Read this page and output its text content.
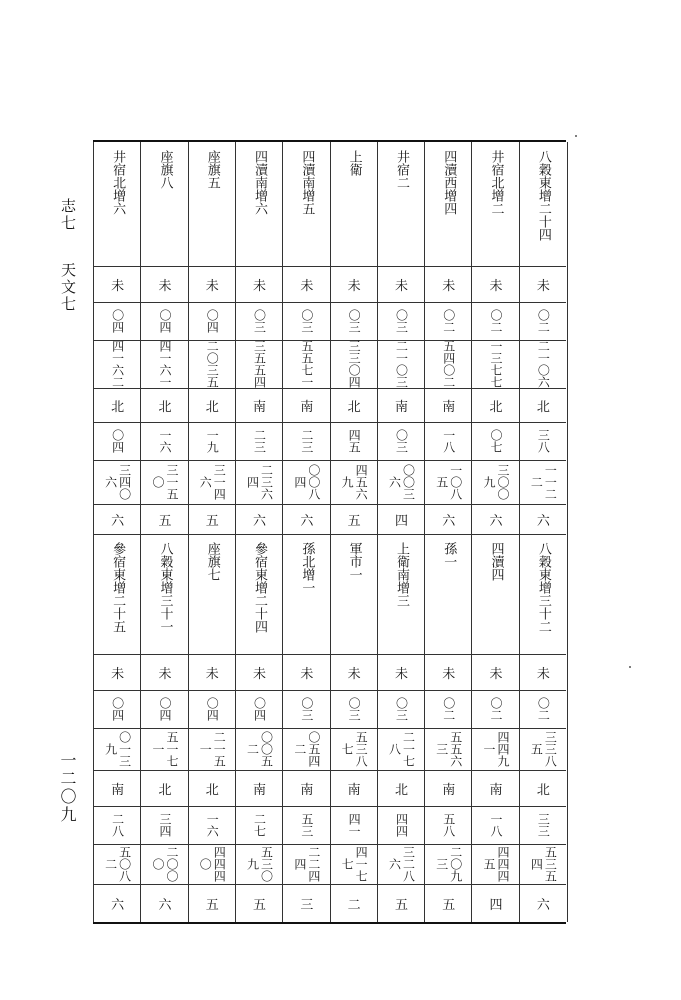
志七
天文七
一二〇九
八穀東增二十四
未
〇二
二一〇六
北
三八
一一二二
六
八穀東增三十二
未
〇二
三三八五
北
三三
五三五四
六
井宿北增二
未
〇二
一三七七
北
〇七
三〇〇九
六
四瀆四
未
〇二
四四九一
南
一八
四四四五
四
四瀆西增四
未
〇二
五四〇二
南
一八
一〇八五
六
孫一
未
〇二
五五六三
南
五八
二〇九三
五
井宿二
未
〇三
二一〇三
南
〇三
〇〇三六
四
上衛南增三
未
〇三
二一七八
北
四四
三二八六
五
上衛
未
〇三
三三〇四
北
四五
四五六九
五
軍市一
未
〇三
五三八七
南
四一
四一七七
二
四瀆南增五
未
〇三
五五七一
南
二三
〇〇八四
六
孫北增一
未
〇三
〇五四二
南
五三
二二四四
三
四瀆南增六
未
〇三
三五五四
南
二三
二三六四
六
參宿東增二十四
未
〇四
〇〇五二
南
二七
五三〇九
五
座旗五
未
〇四
二〇三五
北
一九
三一四六
五
座旗七
未
〇四
二一五一
北
一六
四四四〇
五
座旗八
未
〇四
四一六一
北
一六
三一五〇
五
八穀東增三十一
未
〇四
五一七一
北
三四
二〇〇〇
六
井宿北增六
未
〇四
四一六二
北
〇四
三四〇六
六
參宿東增二十五
未
〇四
〇一三九
南
二八
五〇八二
六
